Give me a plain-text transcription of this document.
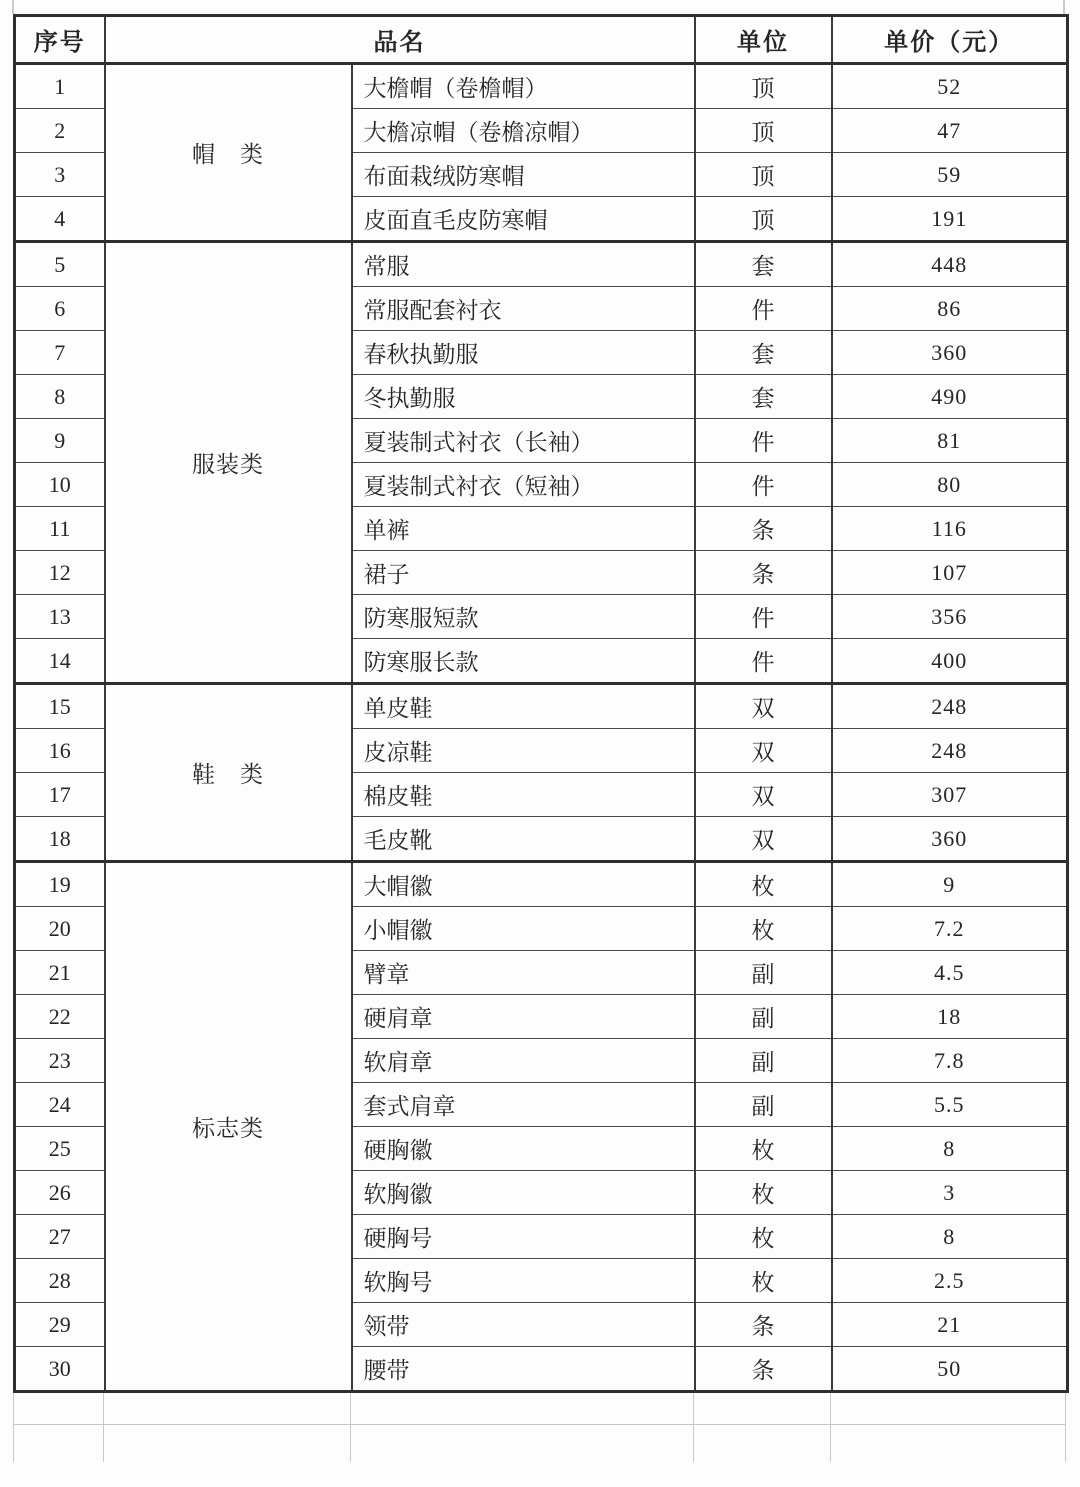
序号	品名		单位	单价（元）
1	帽　类	大檐帽（卷檐帽）	顶	52
2		大檐凉帽（卷檐凉帽）	顶	47
3		布面栽绒防寒帽	顶	59
4		皮面直毛皮防寒帽	顶	191
5	服装类	常服	套	448
6		常服配套衬衣	件	86
7		春秋执勤服	套	360
8		冬执勤服	套	490
9		夏装制式衬衣（长袖）	件	81
10		夏装制式衬衣（短袖）	件	80
11		单裤	条	116
12		裙子	条	107
13		防寒服短款	件	356
14		防寒服长款	件	400
15	鞋　类	单皮鞋	双	248
16		皮凉鞋	双	248
17		棉皮鞋	双	307
18		毛皮靴	双	360
19	标志类	大帽徽	枚	9
20		小帽徽	枚	7.2
21		臂章	副	4.5
22		硬肩章	副	18
23		软肩章	副	7.8
24		套式肩章	副	5.5
25		硬胸徽	枚	8
26		软胸徽	枚	3
27		硬胸号	枚	8
28		软胸号	枚	2.5
29		领带	条	21
30		腰带	条	50
